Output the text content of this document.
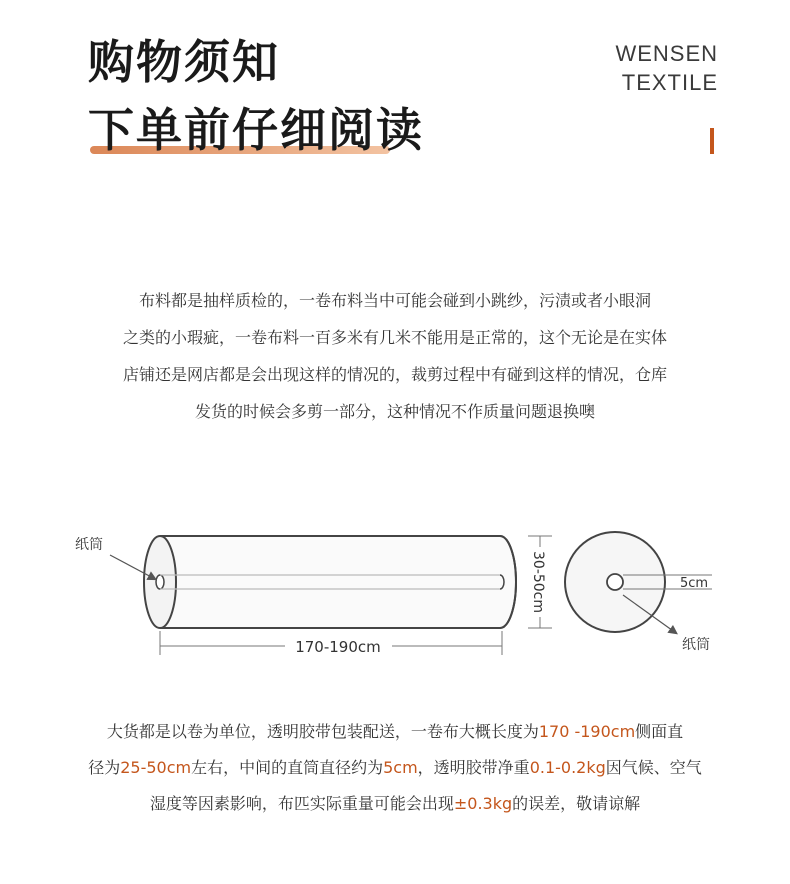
购物须知
下单前仔细阅读
WENSEN
TEXTILE
布料都是抽样质检的，一卷布料当中可能会碰到小跳纱，污渍或者小眼洞
之类的小瑕疵，一卷布料一百多米有几米不能用是正常的，这个无论是在实体
店铺还是网店都是会出现这样的情况的，裁剪过程中有碰到这样的情况，仓库
发货的时候会多剪一部分，这种情况不作质量问题退换噢
纸筒
170-190cm
30-50cm	5cm
纸筒
大货都是以卷为单位，透明胶带包装配送，一卷布大概长度为170 -190cm侧面直
径为25-50cm左右，中间的直筒直径约为5cm，透明胶带净重0.1-0.2kg因气候、空气
湿度等因素影响，布匹实际重量可能会出现±0.3kg的误差，敬请谅解
